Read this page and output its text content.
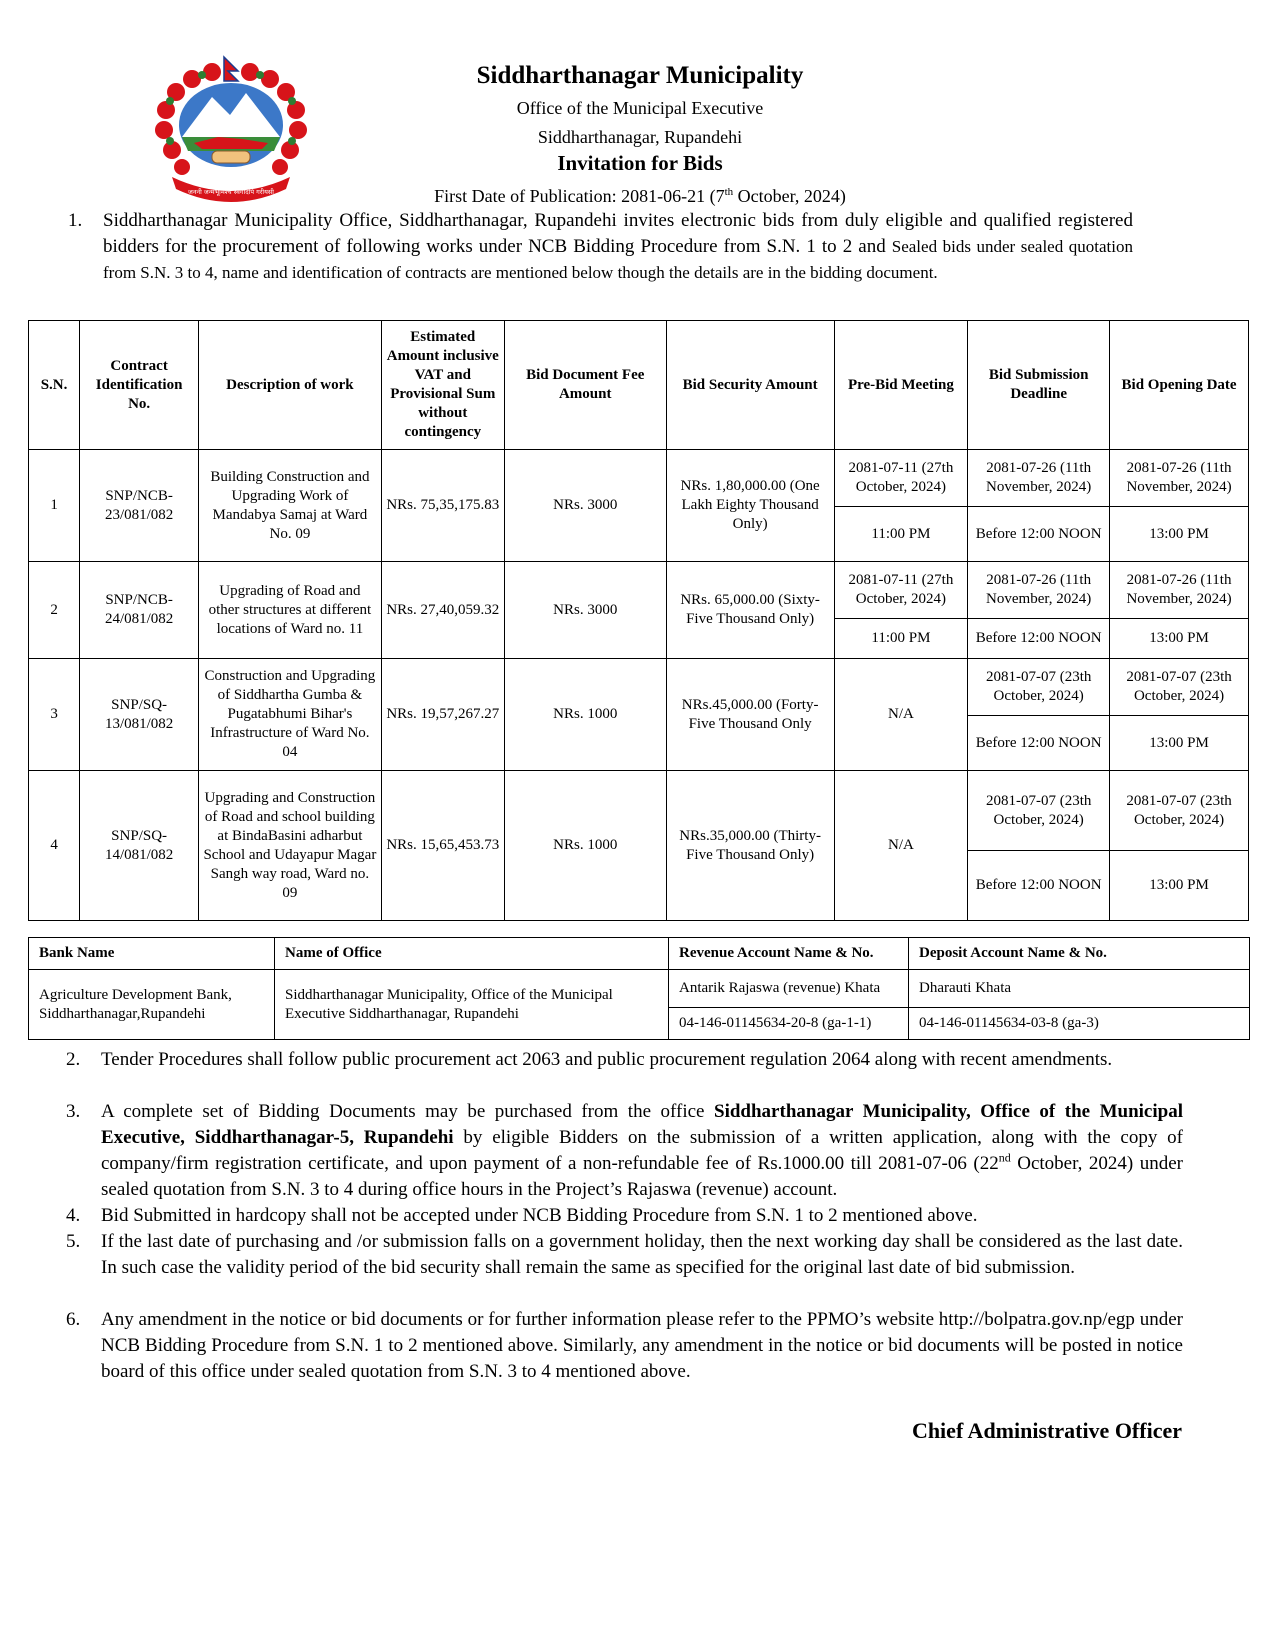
जननी जन्मभूमिश्च स्वर्गादपि गरीयसी
Siddharthanagar Municipality
Office of the Municipal Executive
Siddharthanagar, Rupandehi
Invitation for Bids
First Date of Publication: 2081-06-21 (7th October, 2024)
1. Siddharthanagar Municipality Office, Siddharthanagar, Rupandehi invites electronic bids from duly eligible and qualified registered bidders for the procurement of following works under NCB Bidding Procedure from S.N. 1 to 2 and Sealed bids under sealed quotation from S.N. 3 to 4, name and identification of contracts are mentioned below though the details are in the bidding document.
S.N.	Contract Identification No.	Description of work	Estimated Amount inclusive VAT and Provisional Sum without contingency	Bid Document Fee Amount	Bid Security Amount	Pre-Bid Meeting	Bid Submission Deadline	Bid Opening Date
1	SNP/NCB-23/081/082	Building Construction and Upgrading Work of Mandabya Samaj at Ward No. 09	NRs. 75,35,175.83	NRs. 3000	NRs. 1,80,000.00 (One Lakh Eighty Thousand Only)	2081-07-11 (27th October, 2024)	2081-07-26 (11th November, 2024)	2081-07-26 (11th November, 2024)
						11:00 PM	Before 12:00 NOON	13:00 PM
2	SNP/NCB-24/081/082	Upgrading of Road and other structures at different locations of Ward no. 11	NRs. 27,40,059.32	NRs. 3000	NRs. 65,000.00 (Sixty-Five Thousand Only)	2081-07-11 (27th October, 2024)	2081-07-26 (11th November, 2024)	2081-07-26 (11th November, 2024)
						11:00 PM	Before 12:00 NOON	13:00 PM
3	SNP/SQ-13/081/082	Construction and Upgrading of Siddhartha Gumba & Pugatabhumi Bihar's Infrastructure of Ward No. 04	NRs. 19,57,267.27	NRs. 1000	NRs.45,000.00 (Forty-Five Thousand Only	N/A	2081-07-07 (23th October, 2024)	2081-07-07 (23th October, 2024)
							Before 12:00 NOON	13:00 PM
4	SNP/SQ-14/081/082	Upgrading and Construction of Road and school building at BindaBasini adharbut School and Udayapur Magar Sangh way road, Ward no. 09	NRs. 15,65,453.73	NRs. 1000	NRs.35,000.00 (Thirty-Five Thousand Only)	N/A	2081-07-07 (23th October, 2024)	2081-07-07 (23th October, 2024)
							Before 12:00 NOON	13:00 PM
Bank Name	Name of Office	Revenue Account Name & No.	Deposit Account Name & No.
Agriculture Development Bank, Siddharthanagar,Rupandehi	Siddharthanagar Municipality, Office of the Municipal Executive Siddharthanagar, Rupandehi	Antarik Rajaswa (revenue) Khata	Dharauti Khata
		04-146-01145634-20-8 (ga-1-1)	04-146-01145634-03-8 (ga-3)
2. Tender Procedures shall follow public procurement act 2063 and public procurement regulation 2064 along with recent amendments.
3. A complete set of Bidding Documents may be purchased from the office Siddharthanagar Municipality, Office of the Municipal Executive, Siddharthanagar-5, Rupandehi by eligible Bidders on the submission of a written application, along with the copy of company/firm registration certificate, and upon payment of a non-refundable fee of Rs.1000.00 till 2081-07-06 (22nd October, 2024) under sealed quotation from S.N. 3 to 4 during office hours in the Project’s Rajaswa (revenue) account.
4. Bid Submitted in hardcopy shall not be accepted under NCB Bidding Procedure from S.N. 1 to 2 mentioned above.
5. If the last date of purchasing and /or submission falls on a government holiday, then the next working day shall be considered as the last date. In such case the validity period of the bid security shall remain the same as specified for the original last date of bid submission.
6. Any amendment in the notice or bid documents or for further information please refer to the PPMO’s website http://bolpatra.gov.np/egp under NCB Bidding Procedure from S.N. 1 to 2 mentioned above. Similarly, any amendment in the notice or bid documents will be posted in notice board of this office under sealed quotation from S.N. 3 to 4 mentioned above.
Chief Administrative Officer
